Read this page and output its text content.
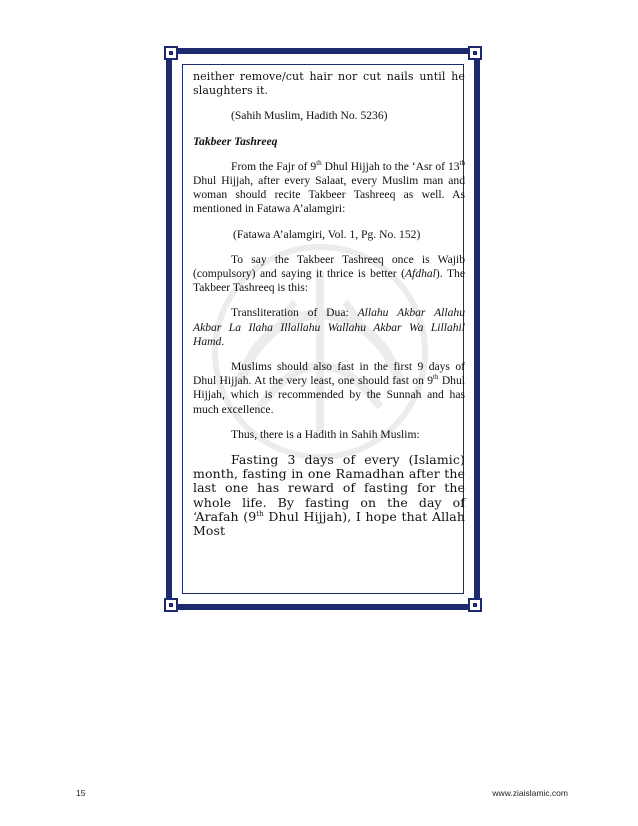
neither remove/cut hair nor cut nails until he slaughters it.

(Sahih Muslim, Hadith No. 5236)

Takbeer Tashreeq

From the Fajr of 9th Dhul Hijjah to the ‘Asr of 13th Dhul Hijjah, after every Salaat, every Muslim man and woman should recite Takbeer Tashreeq as well. As mentioned in Fatawa A’alamgiri:

(Fatawa A’alamgiri, Vol. 1, Pg. No. 152)

To say the Takbeer Tashreeq once is Wajib (compulsory) and saying it thrice is better (Afdhal). The Takbeer Tashreeq is this:

Transliteration of Dua: Allahu Akbar Allahu Akbar La Ilaha Illallahu Wallahu Akbar Wa Lillahil Hamd.

Muslims should also fast in the first 9 days of Dhul Hijjah. At the very least, one should fast on 9th Dhul Hijjah, which is recommended by the Sunnah and has much excellence.

Thus, there is a Hadith in Sahih Muslim:

Fasting 3 days of every (Islamic) month, fasting in one Ramadhan after the last one has reward of fasting for the whole life. By fasting on the day of ‘Arafah (9th Dhul Hijjah), I hope that Allah Most

15	www.ziaislamic.com
